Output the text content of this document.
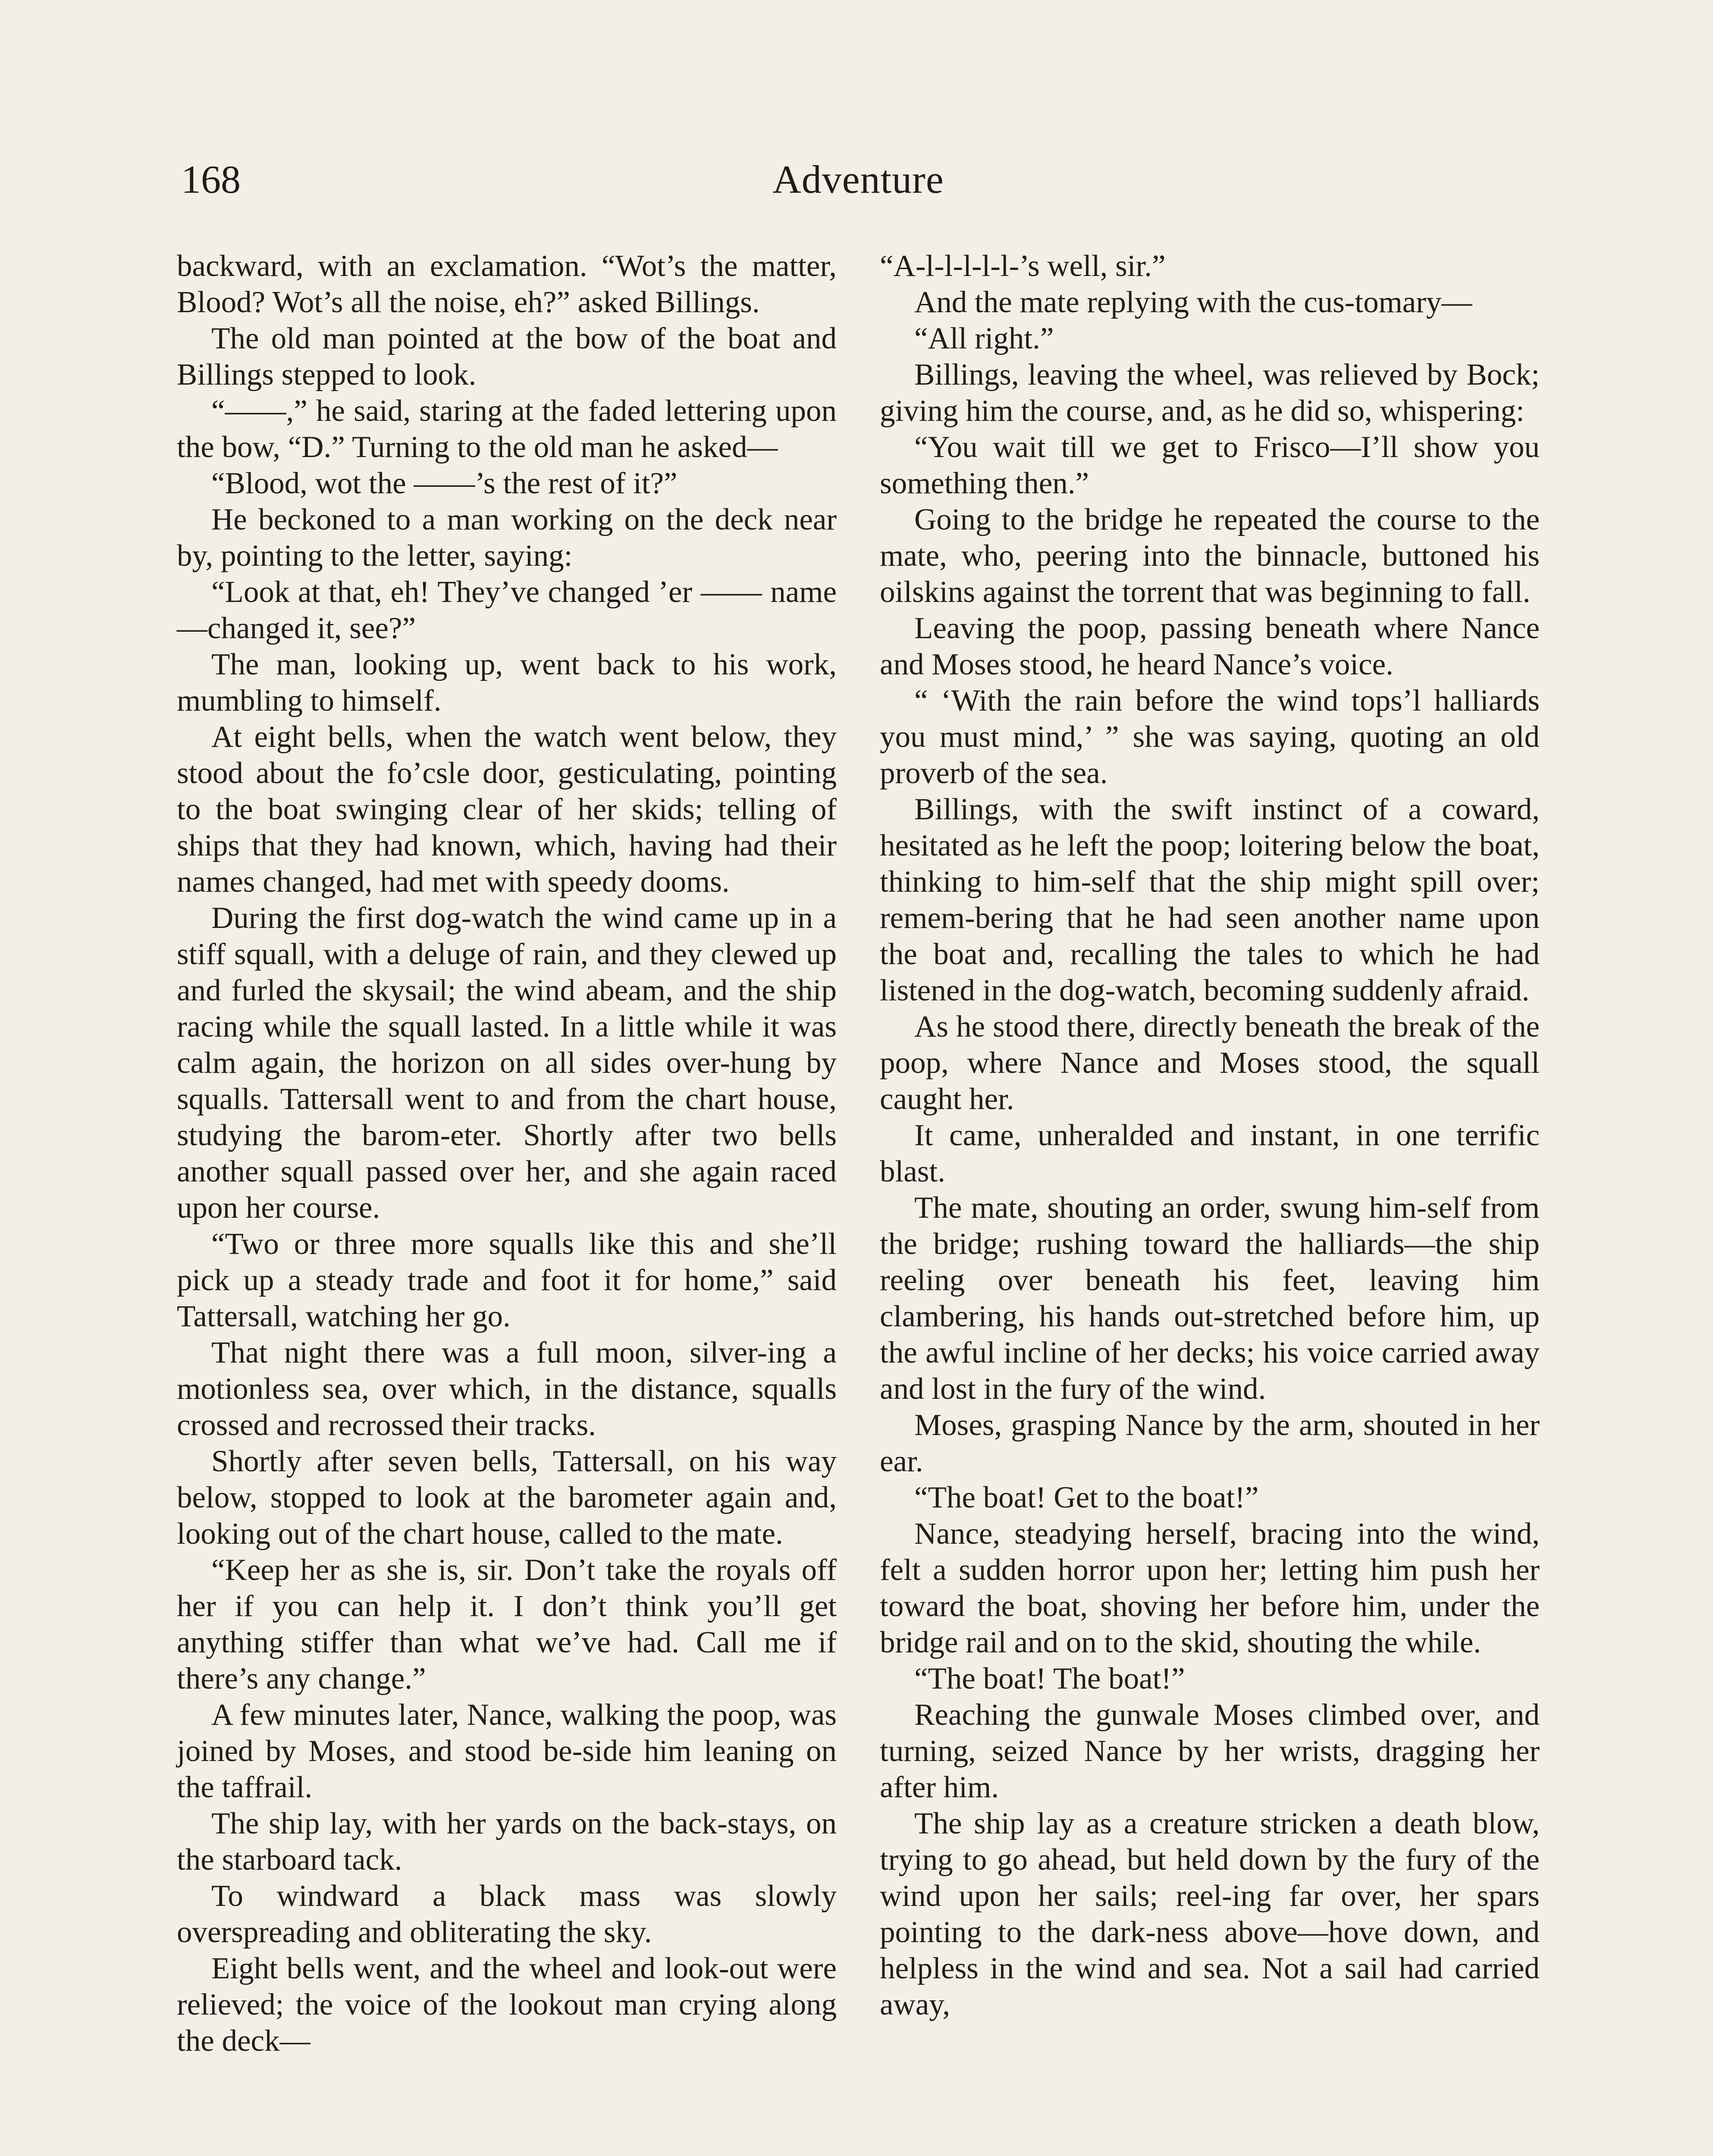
168	Adventure

backward, with an exclamation. “Wot’s the matter, Blood? Wot’s all the noise, eh?” asked Billings.

The old man pointed at the bow of the boat and Billings stepped to look.

“——,” he said, staring at the faded lettering upon the bow, “D.” Turning to the old man he asked—

“Blood, wot the ——’s the rest of it?”

He beckoned to a man working on the deck near by, pointing to the letter, saying:

“Look at that, eh! They’ve changed ’er —— name—changed it, see?”

The man, looking up, went back to his work, mumbling to himself.

At eight bells, when the watch went below, they stood about the fo’csle door, gesticulating, pointing to the boat swinging clear of her skids; telling of ships that they had known, which, having had their names changed, had met with speedy dooms.

During the first dog-watch the wind came up in a stiff squall, with a deluge of rain, and they clewed up and furled the skysail; the wind abeam, and the ship racing while the squall lasted. In a little while it was calm again, the horizon on all sides over-hung by squalls. Tattersall went to and from the chart house, studying the barom-eter. Shortly after two bells another squall passed over her, and she again raced upon her course.

“Two or three more squalls like this and she’ll pick up a steady trade and foot it for home,” said Tattersall, watching her go.

That night there was a full moon, silver-ing a motionless sea, over which, in the distance, squalls crossed and recrossed their tracks.

Shortly after seven bells, Tattersall, on his way below, stopped to look at the barometer again and, looking out of the chart house, called to the mate.

“Keep her as she is, sir. Don’t take the royals off her if you can help it. I don’t think you’ll get anything stiffer than what we’ve had. Call me if there’s any change.”

A few minutes later, Nance, walking the poop, was joined by Moses, and stood be-side him leaning on the taffrail.

The ship lay, with her yards on the back-stays, on the starboard tack.

To windward a black mass was slowly overspreading and obliterating the sky.

Eight bells went, and the wheel and look-out were relieved; the voice of the lookout man crying along the deck—

“A-l-l-l-l-l-’s well, sir.”

And the mate replying with the cus-tomary—

“All right.”

Billings, leaving the wheel, was relieved by Bock; giving him the course, and, as he did so, whispering:

“You wait till we get to Frisco—I’ll show you something then.”

Going to the bridge he repeated the course to the mate, who, peering into the binnacle, buttoned his oilskins against the torrent that was beginning to fall.

Leaving the poop, passing beneath where Nance and Moses stood, he heard Nance’s voice.

“ ‘With the rain before the wind tops’l halliards you must mind,’ ” she was saying, quoting an old proverb of the sea.

Billings, with the swift instinct of a coward, hesitated as he left the poop; loitering below the boat, thinking to him-self that the ship might spill over; remem-bering that he had seen another name upon the boat and, recalling the tales to which he had listened in the dog-watch, becoming suddenly afraid.

As he stood there, directly beneath the break of the poop, where Nance and Moses stood, the squall caught her.

It came, unheralded and instant, in one terrific blast.

The mate, shouting an order, swung him-self from the bridge; rushing toward the halliards—the ship reeling over beneath his feet, leaving him clambering, his hands out-stretched before him, up the awful incline of her decks; his voice carried away and lost in the fury of the wind.

Moses, grasping Nance by the arm, shouted in her ear.

“The boat! Get to the boat!”

Nance, steadying herself, bracing into the wind, felt a sudden horror upon her; letting him push her toward the boat, shoving her before him, under the bridge rail and on to the skid, shouting the while.

“The boat! The boat!”

Reaching the gunwale Moses climbed over, and turning, seized Nance by her wrists, dragging her after him.

The ship lay as a creature stricken a death blow, trying to go ahead, but held down by the fury of the wind upon her sails; reel-ing far over, her spars pointing to the dark-ness above—hove down, and helpless in the wind and sea. Not a sail had carried away,
